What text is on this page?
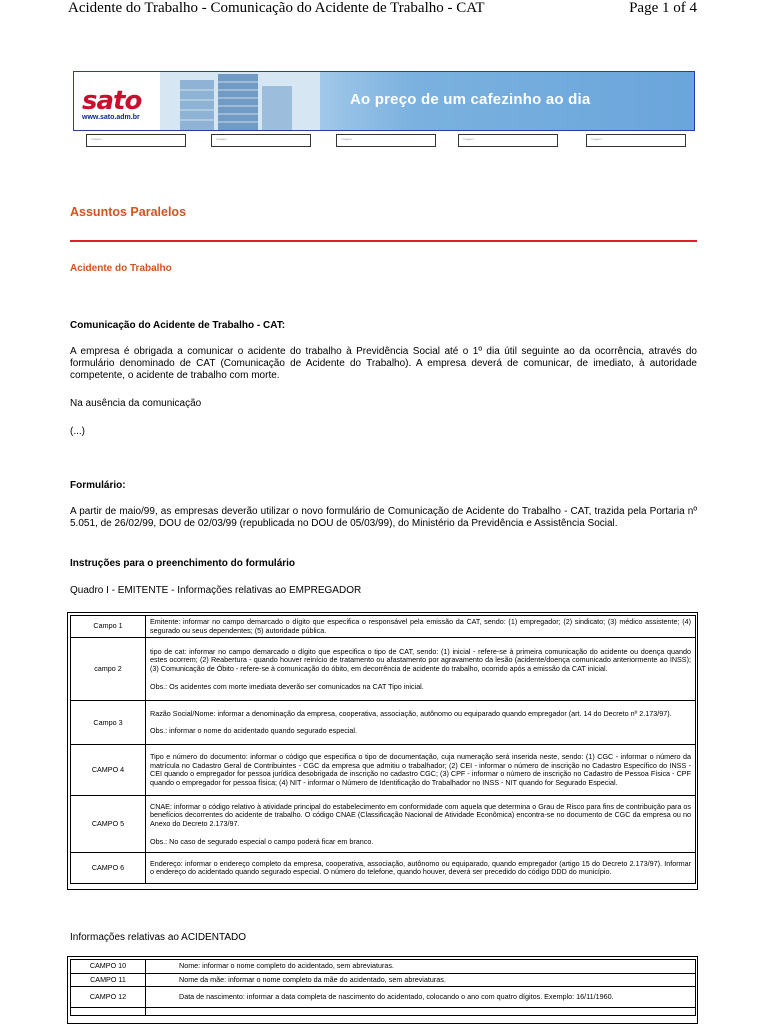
Acidente do Trabalho - Comunicação do Acidente de Trabalho - CAT	Page 1 of 4
sato
www.sato.adm.br
Ao preço de um cafezinho ao dia
Imagem	Imagem	Imagem	Imagem	Imagem
Assuntos Paralelos
Acidente do Trabalho
Comunicação do Acidente de Trabalho - CAT:
A empresa é obrigada a comunicar o acidente do trabalho à Previdência Social até o 1º dia útil seguinte ao da ocorrência, através do formulário denominado de CAT (Comunicação de Acidente do Trabalho). A empresa deverá de comunicar, de imediato, à autoridade competente, o acidente de trabalho com morte.
Na ausência da comunicação
(...)
Formulário:
A partir de maio/99, as empresas deverão utilizar o novo formulário de Comunicação de Acidente do Trabalho - CAT, trazida pela Portaria nº 5.051, de 26/02/99, DOU de 02/03/99 (republicada no DOU de 05/03/99), do Ministério da Previdência e Assistência Social.
Instruções para o preenchimento do formulário
Quadro I - EMITENTE - Informações relativas ao EMPREGADOR
Campo 1	Emitente: informar no campo demarcado o dígito que especifica o responsável pela emissão da CAT, sendo: (1) empregador; (2) sindicato; (3) médico assistente; (4) segurado ou seus dependentes; (5) autoridade pública.

campo 2	tipo de cat: informar no campo demarcado o dígito que especifica o tipo de CAT, sendo: (1) inicial - refere-se à primeira comunicação do acidente ou doença quando estes ocorrem; (2) Reabertura - quando houver reinício de tratamento ou afastamento por agravamento da lesão (acidente/doença comunicado anteriormente ao INSS); (3) Comunicação de Óbito - refere-se à comunicação do óbito, em decorrência de acidente do trabalho, ocorrido após a emissão da CAT inicial.

Obs.: Os acidentes com morte imediata deverão ser comunicados na CAT Tipo inicial.

Campo 3	Razão Social/Nome: informar a denominação da empresa, cooperativa, associação, autônomo ou equiparado quando empregador (art. 14 do Decreto nº 2.173/97).

Obs.: informar o nome do acidentado quando segurado especial.

CAMPO 4	Tipo e número do documento: informar o código que especifica o tipo de documentação, cuja numeração será inserida neste, sendo: (1) CGC - informar o número da matrícula no Cadastro Geral de Contribuintes - CGC da empresa que admitiu o trabalhador; (2) CEI - informar o número de inscrição no Cadastro Específico do INSS - CEI quando o empregador for pessoa jurídica desobrigada de inscrição no cadastro CGC; (3) CPF - informar o número de inscrição no Cadastro de Pessoa Física - CPF quando o empregador for pessoa física; (4) NIT - informar o Número de Identificação do Trabalhador no INSS - NIT quando for Segurado Especial.

CAMPO 5	CNAE: informar o código relativo à atividade principal do estabelecimento em conformidade com aquela que determina o Grau de Risco para fins de contribuição para os benefícios decorrentes do acidente de trabalho. O código CNAE (Classificação Nacional de Atividade Econômica) encontra-se no documento de CGC da empresa ou no Anexo do Decreto 2.173/97.

Obs.: No caso de segurado especial o campo poderá ficar em branco.

CAMPO 6	Endereço: informar o endereço completo da empresa, cooperativa, associação, autônomo ou equiparado, quando empregador (artigo 15 do Decreto 2.173/97). Informar o endereço do acidentado quando segurado especial. O número do telefone, quando houver, deverá ser precedido do código DDD do município.

Informações relativas ao ACIDENTADO
CAMPO 10	Nome: informar o nome completo do acidentado, sem abreviaturas.
CAMPO 11	Nome da mãe: informar o nome completo da mãe do acidentado, sem abreviaturas.
CAMPO 12	Data de nascimento: informar a data completa de nascimento do acidentado, colocando o ano com quatro dígitos. Exemplo: 16/11/1960.
